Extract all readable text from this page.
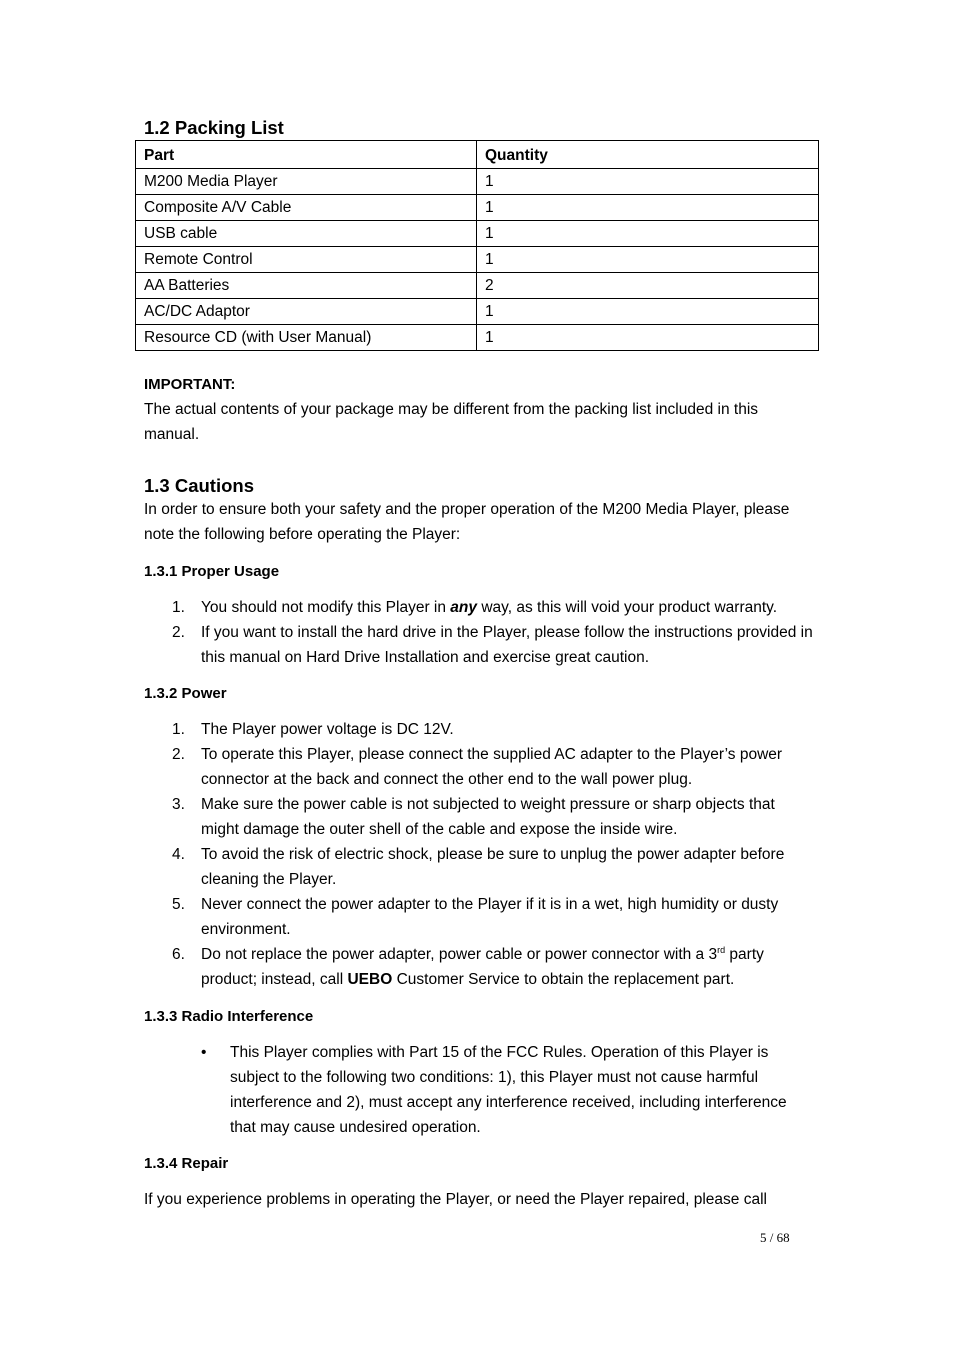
1.2 Packing List
Part	Quantity
M200 Media Player	1
Composite A/V Cable	1
USB cable	1
Remote Control	1
AA Batteries	2
AC/DC Adaptor	1
Resource CD (with User Manual)	1
IMPORTANT:

The actual contents of your package may be different from the packing list included in this manual.

1.3 Cautions

In order to ensure both your safety and the proper operation of the M200 Media Player, please note the following before operating the Player:

1.3.1 Proper Usage
1. You should not modify this Player in any way, as this will void your product warranty.
2. If you want to install the hard drive in the Player, please follow the instructions provided in this manual on Hard Drive Installation and exercise great caution.
1.3.2 Power
1. The Player power voltage is DC 12V.
2. To operate this Player, please connect the supplied AC adapter to the Player’s power connector at the back and connect the other end to the wall power plug.
3. Make sure the power cable is not subjected to weight pressure or sharp objects that might damage the outer shell of the cable and expose the inside wire.
4. To avoid the risk of electric shock, please be sure to unplug the power adapter before cleaning the Player.
5. Never connect the power adapter to the Player if it is in a wet, high humidity or dusty environment.
6. Do not replace the power adapter, power cable or power connector with a 3rd party product; instead, call UEBO Customer Service to obtain the replacement part.
1.3.3 Radio Interference
• This Player complies with Part 15 of the FCC Rules. Operation of this Player is subject to the following two conditions: 1), this Player must not cause harmful interference and 2), must accept any interference received, including interference that may cause undesired operation.
1.3.4 Repair

If you experience problems in operating the Player, or need the Player repaired, please call

5 / 68
